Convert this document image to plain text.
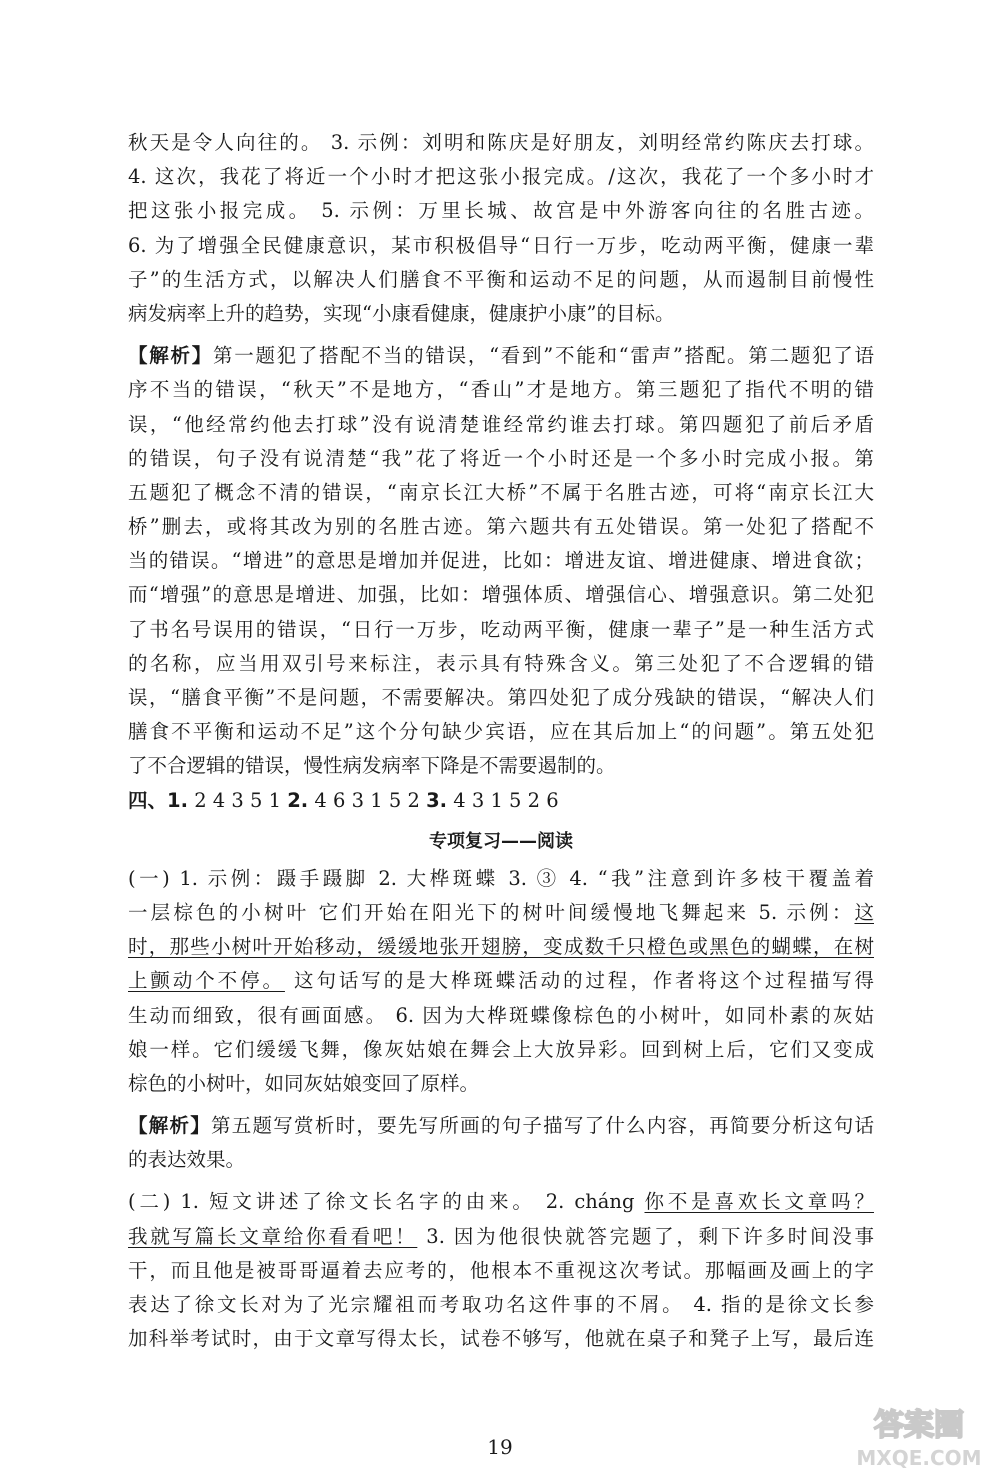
秋天是令人向往的。 3. 示例：刘明和陈庆是好朋友，刘明经常约陈庆去打球。
4. 这次，我花了将近一个小时才把这张小报完成。/这次，我花了一个多小时才
把这张小报完成。 5. 示例：万里长城、故宫是中外游客向往的名胜古迹。
6. 为了增强全民健康意识，某市积极倡导“日行一万步，吃动两平衡，健康一辈
子”的生活方式，以解决人们膳食不平衡和运动不足的问题，从而遏制目前慢性
病发病率上升的趋势，实现“小康看健康，健康护小康”的目标。
【解析】第一题犯了搭配不当的错误，“看到”不能和“雷声”搭配。第二题犯了语
序不当的错误，“秋天”不是地方，“香山”才是地方。第三题犯了指代不明的错
误，“他经常约他去打球”没有说清楚谁经常约谁去打球。第四题犯了前后矛盾
的错误，句子没有说清楚“我”花了将近一个小时还是一个多小时完成小报。第
五题犯了概念不清的错误，“南京长江大桥”不属于名胜古迹，可将“南京长江大
桥”删去，或将其改为别的名胜古迹。第六题共有五处错误。第一处犯了搭配不
当的错误。“增进”的意思是增加并促进，比如：增进友谊、增进健康、增进食欲；
而“增强”的意思是增进、加强，比如：增强体质、增强信心、增强意识。第二处犯
了书名号误用的错误，“日行一万步，吃动两平衡，健康一辈子”是一种生活方式
的名称，应当用双引号来标注，表示具有特殊含义。第三处犯了不合逻辑的错
误，“膳食平衡”不是问题，不需要解决。第四处犯了成分残缺的错误，“解决人们
膳食不平衡和运动不足”这个分句缺少宾语，应在其后加上“的问题”。第五处犯
了不合逻辑的错误，慢性病发病率下降是不需要遏制的。
四、1. 2 4 3 5 1 2. 4 6 3 1 5 2 3. 4 3 1 5 2 6
专项复习——阅读
(一) 1. 示例：蹑手蹑脚 2. 大桦斑蝶 3. ③ 4. “我”注意到许多枝干覆盖着
一层棕色的小树叶 它们开始在阳光下的树叶间缓慢地飞舞起来 5. 示例：这
时，那些小树叶开始移动，缓缓地张开翅膀，变成数千只橙色或黑色的蝴蝶，在树
上颤动个不停。 这句话写的是大桦斑蝶活动的过程，作者将这个过程描写得
生动而细致，很有画面感。 6. 因为大桦斑蝶像棕色的小树叶，如同朴素的灰姑
娘一样。它们缓缓飞舞，像灰姑娘在舞会上大放异彩。回到树上后，它们又变成
棕色的小树叶，如同灰姑娘变回了原样。
【解析】第五题写赏析时，要先写所画的句子描写了什么内容，再简要分析这句话
的表达效果。
(二) 1. 短文讲述了徐文长名字的由来。 2. cháng 你不是喜欢长文章吗？
我就写篇长文章给你看看吧！ 3. 因为他很快就答完题了，剩下许多时间没事
干，而且他是被哥哥逼着去应考的，他根本不重视这次考试。那幅画及画上的字
表达了徐文长对为了光宗耀祖而考取功名这件事的不屑。 4. 指的是徐文长参
加科举考试时，由于文章写得太长，试卷不够写，他就在桌子和凳子上写，最后连
19
答案圈
MXQE.COM
